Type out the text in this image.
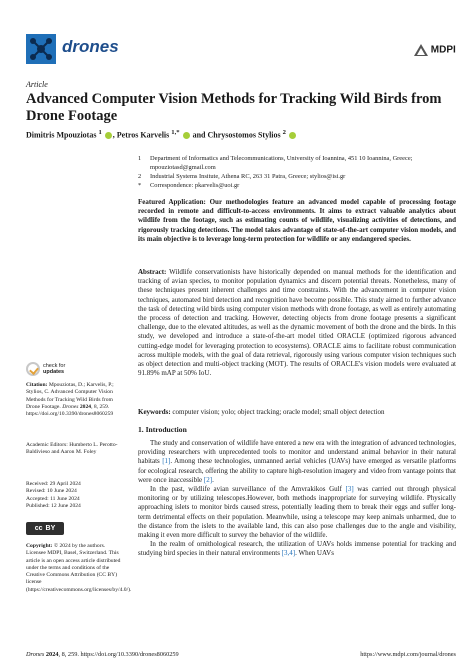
drones	MDPI
Article
Advanced Computer Vision Methods for Tracking Wild Birds from Drone Footage
Dimitris Mpouziotas $^1$ , Petros Karvelis $^{1,*}$  and Chrysostomos Stylios $^2$
1	Department of Informatics and Telecommunications, University of Ioannina, 451 10 Ioannina, Greece; mpouziotasd@gmail.com
2	Industrial Systems Insitute, Athena RC, 263 31 Patra, Greece; stylios@isi.gr
*	Correspondence: pkarvelis@uoi.gr
Featured Application: Our methodologies feature an advanced model capable of processing footage recorded in remote and difficult-to-access environments. It aims to extract valuable analytics about wildlife from the footage, such as estimating counts of wildlife, visualizing activities of detections, and rigorously tracking detections. The model takes advantage of state-of-the-art computer vision models, and its main objective is to leverage long-term protection for wildlife or any endangered species.
Abstract: Wildlife conservationists have historically depended on manual methods for the identification and tracking of avian species, to monitor population dynamics and discern potential threats. Nonetheless, many of these techniques present inherent challenges and time constraints. With the advancement in computer vision techniques, automated bird detection and recognition have become possible. This study aimed to further advance the task of detecting wild birds using computer vision methods with drone footage, as well as entirely automating the process of detection and tracking. However, detecting objects from drone footage presents a significant challenge, due to the elevated altitudes, as well as the dynamic movement of both the drone and the birds. In this study, we developed and introduce a state-of-the-art model titled ORACLE (optimized rigorous advanced cutting-edge model for leveraging protection to ecosystems). ORACLE aims to facilitate robust communication across multiple models, with the goal of data retrieval, rigorously using various computer vision techniques such as object detection and multi-object tracking (MOT). The results of ORACLE's vision models were evaluated at 91.89% mAP at 50% IoU.
Keywords: computer vision; yolo; object tracking; oracle model; small object detection
1. Introduction

The study and conservation of wildlife have entered a new era with the integration of advanced technologies, providing researchers with unprecedented tools to monitor and understand animal behavior in their natural habitats [1]. Among these technologies, unmanned aerial vehicles (UAVs) have emerged as versatile platforms for ecological research, offering the ability to capture high-resolution imagery and video from vantage points that were once inaccessible [2].

In the past, wildlife avian surveillance of the Amvrakikos Gulf [3] was carried out through physical monitoring or by utilizing telescopes.However, both methods inappropriate for surveying wildlife. Physically approaching islets to monitor birds caused stress, potentially leading them to break their eggs and suffer long-term detrimental effects on their population. Meanwhile, using a telescope may keep animals unharmed, due to the distance from the islets to the available land, this can also pose challenges due to the angle and visibility, making it even more difficult to survey the behavior of the wildlife.

In the realm of ornithological research, the utilization of UAVs holds immense potential for tracking and studying bird species in their natural environments [3,4]. When UAVs

check for
updates
Citation: Mpouziotas, D.; Karvelis, P.; Stylios, C. Advanced Computer Vision Methods for Tracking Wild Birds from Drone Footage. Drones 2024, 8, 259. https://doi.org/10.3390/drones8060259
Academic Editors: Humberto L. Perotto-Baldivieso and Aaron M. Foley
Received: 29 April 2024
Revised: 10 June 2024
Accepted: 11 June 2024
Published: 12 June 2024
cc BY
Copyright: © 2024 by the authors. Licensee MDPI, Basel, Switzerland. This article is an open access article distributed under the terms and conditions of the Creative Commons Attribution (CC BY) license (https://creativecommons.org/licenses/by/4.0/).
Drones 2024, 8, 259. https://doi.org/10.3390/drones8060259	https://www.mdpi.com/journal/drones
